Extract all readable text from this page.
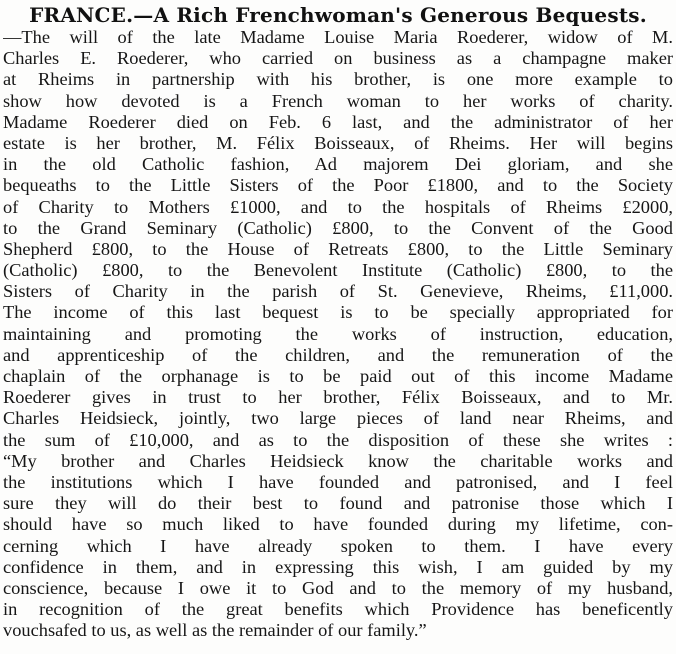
FRANCE.—A Rich Frenchwoman's Generous Bequests.
—The will of the late Madame Louise Maria Roederer, widow of M.
Charles E. Roederer, who carried on business as a champagne maker
at Rheims in partnership with his brother, is one more example to
show how devoted is a French woman to her works of charity.
Madame Roederer died on Feb. 6 last, and the administrator of her
estate is her brother, M. Félix Boisseaux, of Rheims. Her will begins
in the old Catholic fashion, Ad majorem Dei gloriam, and she
bequeaths to the Little Sisters of the Poor £1800, and to the Society
of Charity to Mothers £1000, and to the hospitals of Rheims £2000,
to the Grand Seminary (Catholic) £800, to the Convent of the Good
Shepherd £800, to the House of Retreats £800, to the Little Seminary
(Catholic) £800, to the Benevolent Institute (Catholic) £800, to the
Sisters of Charity in the parish of St. Genevieve, Rheims, £11,000.
The income of this last bequest is to be specially appropriated for
maintaining and promoting the works of instruction, education,
and apprenticeship of the children, and the remuneration of the
chaplain of the orphanage is to be paid out of this income Madame
Roederer gives in trust to her brother, Félix Boisseaux, and to Mr.
Charles Heidsieck, jointly, two large pieces of land near Rheims, and
the sum of £10,000, and as to the disposition of these she writes :
“My brother and Charles Heidsieck know the charitable works and
the institutions which I have founded and patronised, and I feel
sure they will do their best to found and patronise those which I
should have so much liked to have founded during my lifetime, con-
cerning which I have already spoken to them. I have every
confidence in them, and in expressing this wish, I am guided by my
conscience, because I owe it to God and to the memory of my husband,
in recognition of the great benefits which Providence has beneficently
vouchsafed to us, as well as the remainder of our family.”
